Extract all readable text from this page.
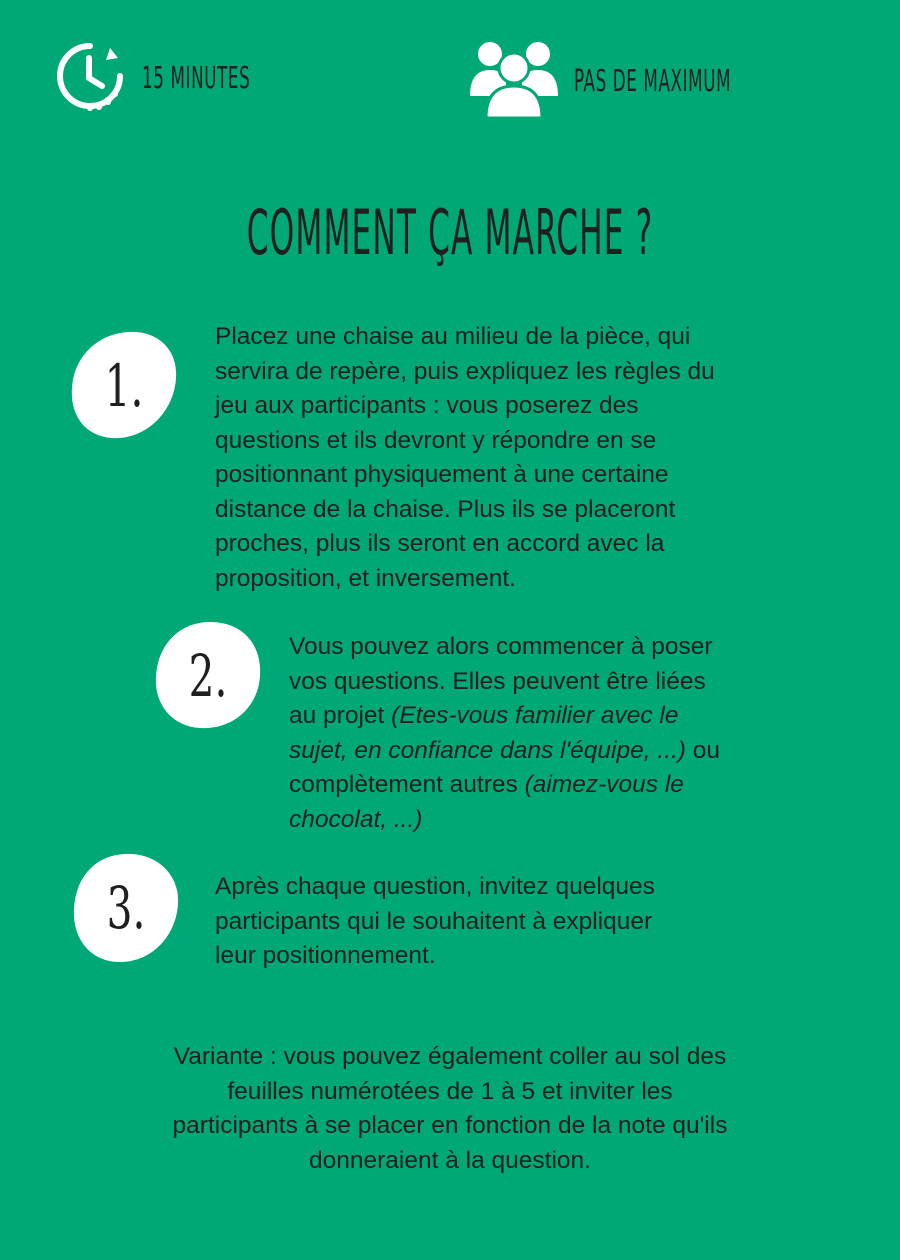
15 MINUTES	PAS DE MAXIMUM
COMMENT ÇA MARCHE ?
1.
Placez une chaise au milieu de la pièce, qui
servira de repère, puis expliquez les règles du
jeu aux participants : vous poserez des
questions et ils devront y répondre en se
positionnant physiquement à une certaine
distance de la chaise. Plus ils se placeront
proches, plus ils seront en accord avec la
proposition, et inversement.
2.	Vous pouvez alors commencer à poser
vos questions. Elles peuvent être liées
au projet (Etes-vous familier avec le
sujet, en confiance dans l'équipe, ...) ou
complètement autres (aimez-vous le
chocolat, ...)
3.	Après chaque question, invitez quelques
participants qui le souhaitent à expliquer
leur positionnement.
Variante : vous pouvez également coller au sol des
feuilles numérotées de 1 à 5 et inviter les
participants à se placer en fonction de la note qu'ils
donneraient à la question.
